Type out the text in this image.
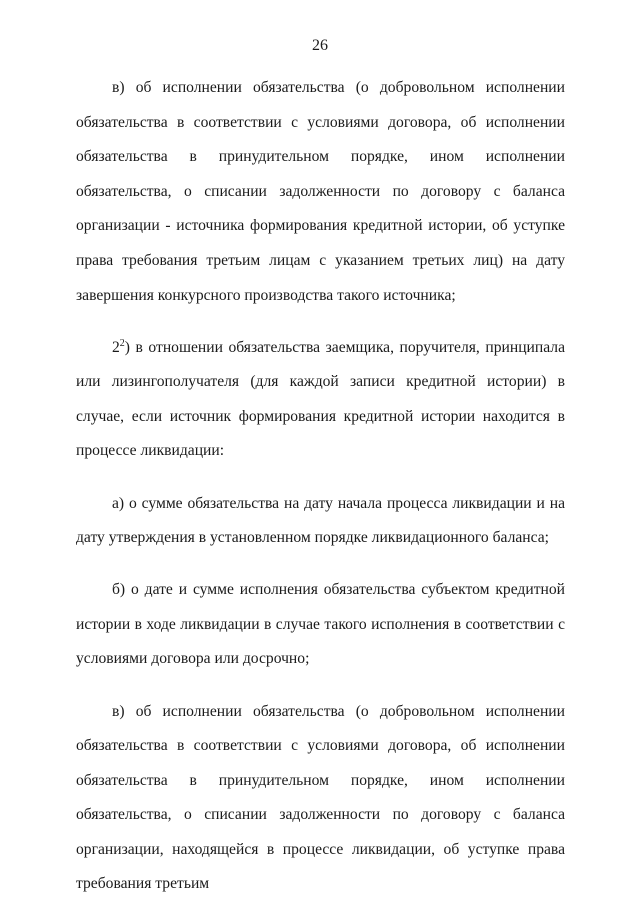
26

в) об исполнении обязательства (о добровольном исполнении обязательства в соответствии с условиями договора, об исполнении обязательства в принудительном порядке, ином исполнении обязательства, о списании задолженности по договору с баланса организации - источника формирования кредитной истории, об уступке права требования третьим лицам с указанием третьих лиц) на дату завершения конкурсного производства такого источника;

$2^2$) в отношении обязательства заемщика, поручителя, принципала или лизингополучателя (для каждой записи кредитной истории) в случае, если источник формирования кредитной истории находится в процессе ликвидации:

а) о сумме обязательства на дату начала процесса ликвидации и на дату утверждения в установленном порядке ликвидационного баланса;

б) о дате и сумме исполнения обязательства субъектом кредитной истории в ходе ликвидации в случае такого исполнения в соответствии с условиями договора или досрочно;

в) об исполнении обязательства (о добровольном исполнении обязательства в соответствии с условиями договора, об исполнении обязательства в принудительном порядке, ином исполнении обязательства, о списании задолженности по договору с баланса организации, находящейся в процессе ликвидации, об уступке права требования третьим
